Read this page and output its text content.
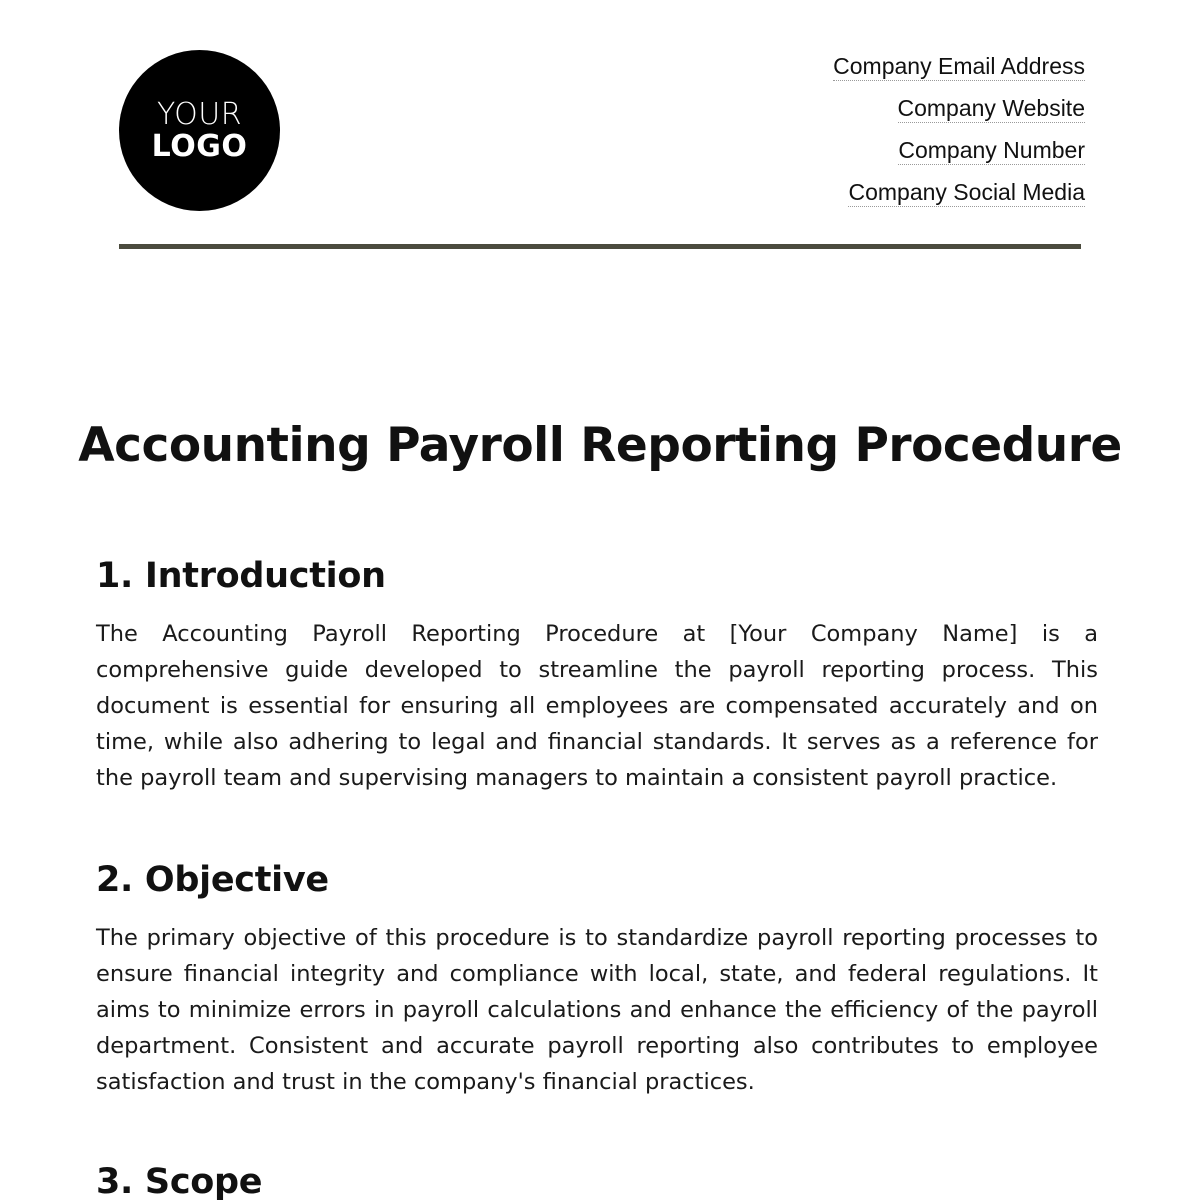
YOUR
LOGO
Company Email Address
Company Website
Company Number
Company Social Media
Accounting Payroll Reporting Procedure
1. Introduction

The Accounting Payroll Reporting Procedure at [Your Company Name] is a comprehensive guide developed to streamline the payroll reporting process. This document is essential for ensuring all employees are compensated accurately and on time, while also adhering to legal and financial standards. It serves as a reference for the payroll team and supervising managers to maintain a consistent payroll practice.

2. Objective

The primary objective of this procedure is to standardize payroll reporting processes to ensure financial integrity and compliance with local, state, and federal regulations. It aims to minimize errors in payroll calculations and enhance the efficiency of the payroll department. Consistent and accurate payroll reporting also contributes to employee satisfaction and trust in the company's financial practices.

3. Scope
